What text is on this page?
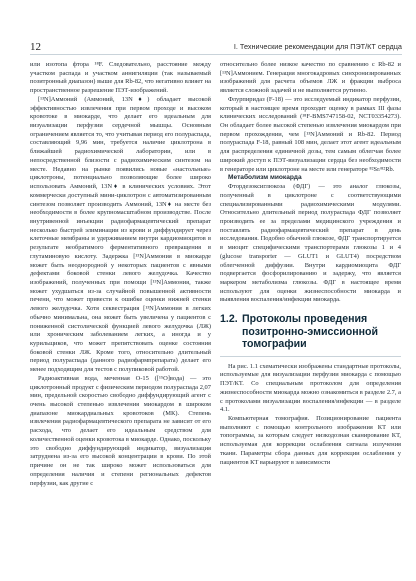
12	I. Технические рекомендации для ПЭТ/КТ сердца

или изотопа фтора ¹⁸F. Следовательно, расстояние между участком распада и участком аннигиляции (так называемый позитронный диапазон) выше для Rb-82, что негативно влияет на пространственное разрешение ПЭТ-изображений.

[¹³N]Аммоний (Аммоний, 13N♦) обладает высокой эффективностью извлечения при первом проходе и высоком кровотоке в миокарде, что делает его идеальным для визуализации перфузии сердечной мышцы. Основным ограничением является то, что учитывая период его полураспада, составляющий 9,96 мин, требуется наличие циклотрона в ближайшей радиохимической лаборатории, или в непосредственной близости с радиохимическим синтезом на месте. Недавно на рынке появились новые «настольные» циклотроны, потенциально позволяющие более широко использовать Аммоний, 13N♦ в клинических условиях. Этот коммерчески доступный мини-циклотрон с автоматизированным синтезом позволяет производить Аммоний, 13N♦ на месте без необходимости в более крупномасштабном производстве. После внутривенной инъекции радиофармацевтический препарат несколько быстрей элиминации из крови и диффундирует через клеточные мембраны и удерживанием внутри кардиомиоцитов в результате необратимого ферментативного превращения в глутаминовую кислоту. Задержка [¹³N]Аммония в миокарде может быть неоднородной у некоторых пациентов с явными дефектами боковой стенки левого желудочка. Качество изображений, полученных при помощи [¹³N]Аммония, также может ухудшаться из-за случайной повышенной активности печени, что может привести к ошибке оценки нижней стенки левого желудочка. Хотя секвестрация [¹³N]Аммония в легких обычно минимальна, она может быть увеличена у пациентов с пониженной систолической функцией левого желудочка (ЛЖ) или хроническим заболеванием легких, а иногда и у курильщиков, что может препятствовать оценке состояния боковой стенки ЛЖ. Кроме того, относительно длительный период полураспада (данного радиофармпрепарата) делает его менее подходящим для тестов с полупиковой работой.

Радиоактивная вода, меченная O-15 ([¹⁵O]вода) — это циклотронный продукт с физическим периодом полураспада 2,07 мин, предельной скоростью свободно диффундирующий агент с очень высокой степенью извлечения миокардом в широком диапазоне миокардиальных кровотоков (МК). Степень извлечения радиофармацевтического препарата не зависит от его расхода, что делает его идеальным средством для количественной оценки кровотока в миокарде. Однако, поскольку это свободно диффундирующий индикатор, визуализация затруднена из-за его высокой концентрации в крови. По этой причине он не так широко может использоваться для определения наличия и степени региональных дефектов перфузии, как другие с

относительно более низкое качество по сравнению с Rb-82 и [¹³N]Аммонием. Генерация многокадровых синхронизированных изображений для расчета объемов ЛЖ и фракции выброса является сложной задачей и не выполняется рутинно.

Флурпиридаз (F-18) — это исследуемый индикатор перфузии, который в настоящее время проходит оценку в рамках III фазы клинических исследований (¹⁸F-BMS747158-02, NCT03354273). Он обладает более высокой степенью извлечения миокардом при первом прохождении, чем [¹³N]Аммоний и Rb-82. Период полураспада F-18, равный 108 мин, делает этот агент идеальным для распределения единичной дозы, тем самым облегчая более широкий доступ к ПЭТ-визуализации сердца без необходимости в генераторе или циклотроне на месте или генераторе ⁸²Sr/⁸²Rb.

Метаболизм миокарда

Фтордезоксиглюкоза (ФДГ) — это аналог глюкозы, полученный в циклотроне с соответствующими специализированными радиохимическими модулями. Относительно длительный период полураспада ФДГ позволяет производить ее за пределами медицинского учреждения и поставлять радиофармацевтический препарат в день исследования. Подобно обычной глюкозе, ФДГ транспортируется в миоцит специфическими транспортерами глюкозы 1 и 4 (glucose transporter — GLUT1 и GLUT4) посредством облегченной диффузии. Внутри кардиомиоцита ФДГ подвергается фосфорилированию и задержу, что является маркером метаболизма глюкозы. ФДГ в настоящее время используют для оценки жизнеспособности миокарда и выявления воспаления/инфекции миокарда.

1.2. Протоколы проведения позитронно-эмиссионной томографии

На рис. 1.1 схематически изображены стандартные протоколы, используемые для визуализации перфузии миокарда с помощью ПЭТ/КТ. Со специальным протоколом для определения жизнеспособности миокарда можно ознакомиться в разделе 2.7, а с протоколами визуализации воспаления/инфекции — в разделе 4.1.

Компьютерная томография. Позиционирование пациента выполняют с помощью контрольного изображения КТ или топограммы, за которым следует низкодозная сканирование КТ, используемая для коррекции ослабления сигнала излучения ткани. Параметры сбора данных для коррекции ослабления у пациентов КТ варьируют в зависимости
